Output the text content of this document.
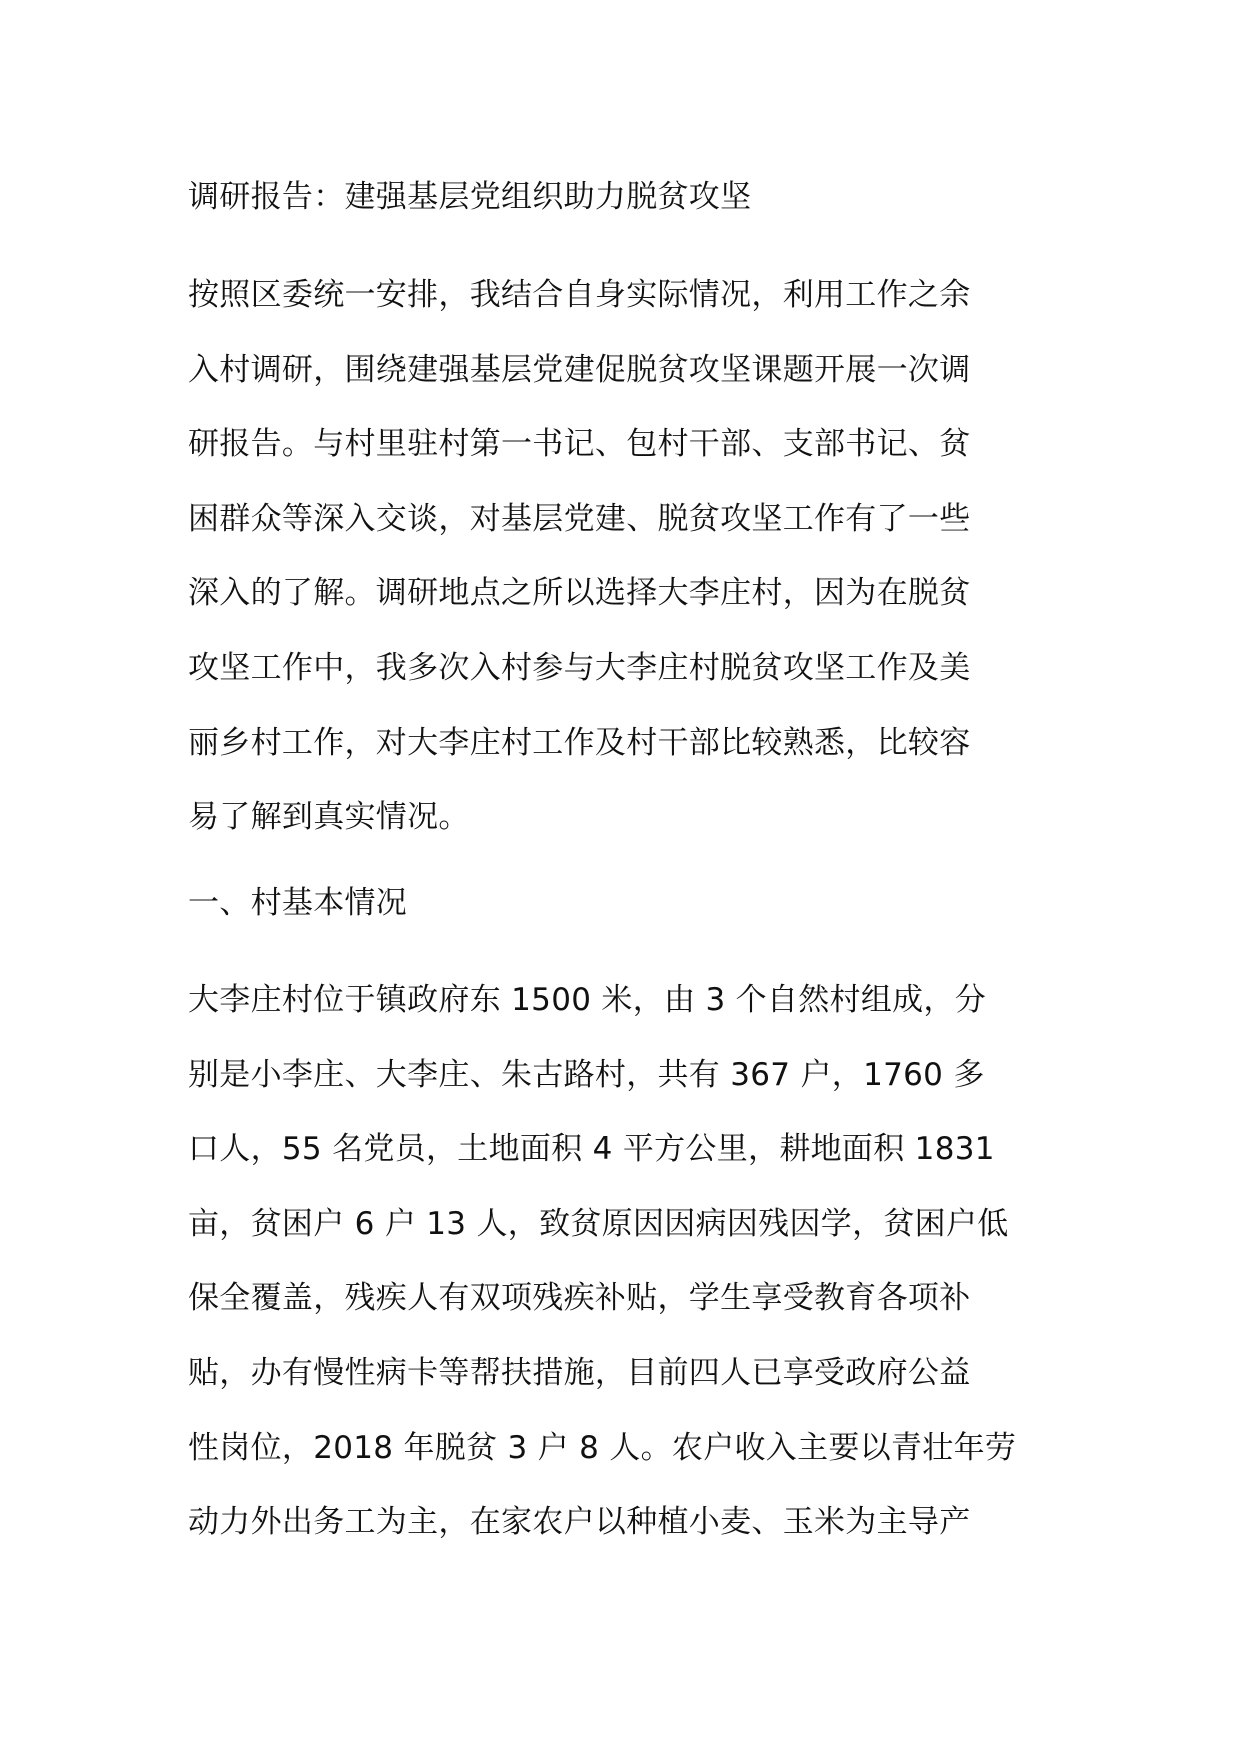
调研报告：建强基层党组织助力脱贫攻坚
按照区委统一安排，我结合自身实际情况，利用工作之余
入村调研，围绕建强基层党建促脱贫攻坚课题开展一次调
研报告。与村里驻村第一书记、包村干部、支部书记、贫
困群众等深入交谈，对基层党建、脱贫攻坚工作有了一些
深入的了解。调研地点之所以选择大李庄村，因为在脱贫
攻坚工作中，我多次入村参与大李庄村脱贫攻坚工作及美
丽乡村工作，对大李庄村工作及村干部比较熟悉，比较容
易了解到真实情况。
一、村基本情况
大李庄村位于镇政府东 1500 米，由 3 个自然村组成，分
别是小李庄、大李庄、朱古路村，共有 367 户，1760 多
口人，55 名党员，土地面积 4 平方公里，耕地面积 1831
亩，贫困户 6 户 13 人，致贫原因因病因残因学，贫困户低
保全覆盖，残疾人有双项残疾补贴，学生享受教育各项补
贴，办有慢性病卡等帮扶措施，目前四人已享受政府公益
性岗位，2018 年脱贫 3 户 8 人。农户收入主要以青壮年劳
动力外出务工为主，在家农户以种植小麦、玉米为主导产
